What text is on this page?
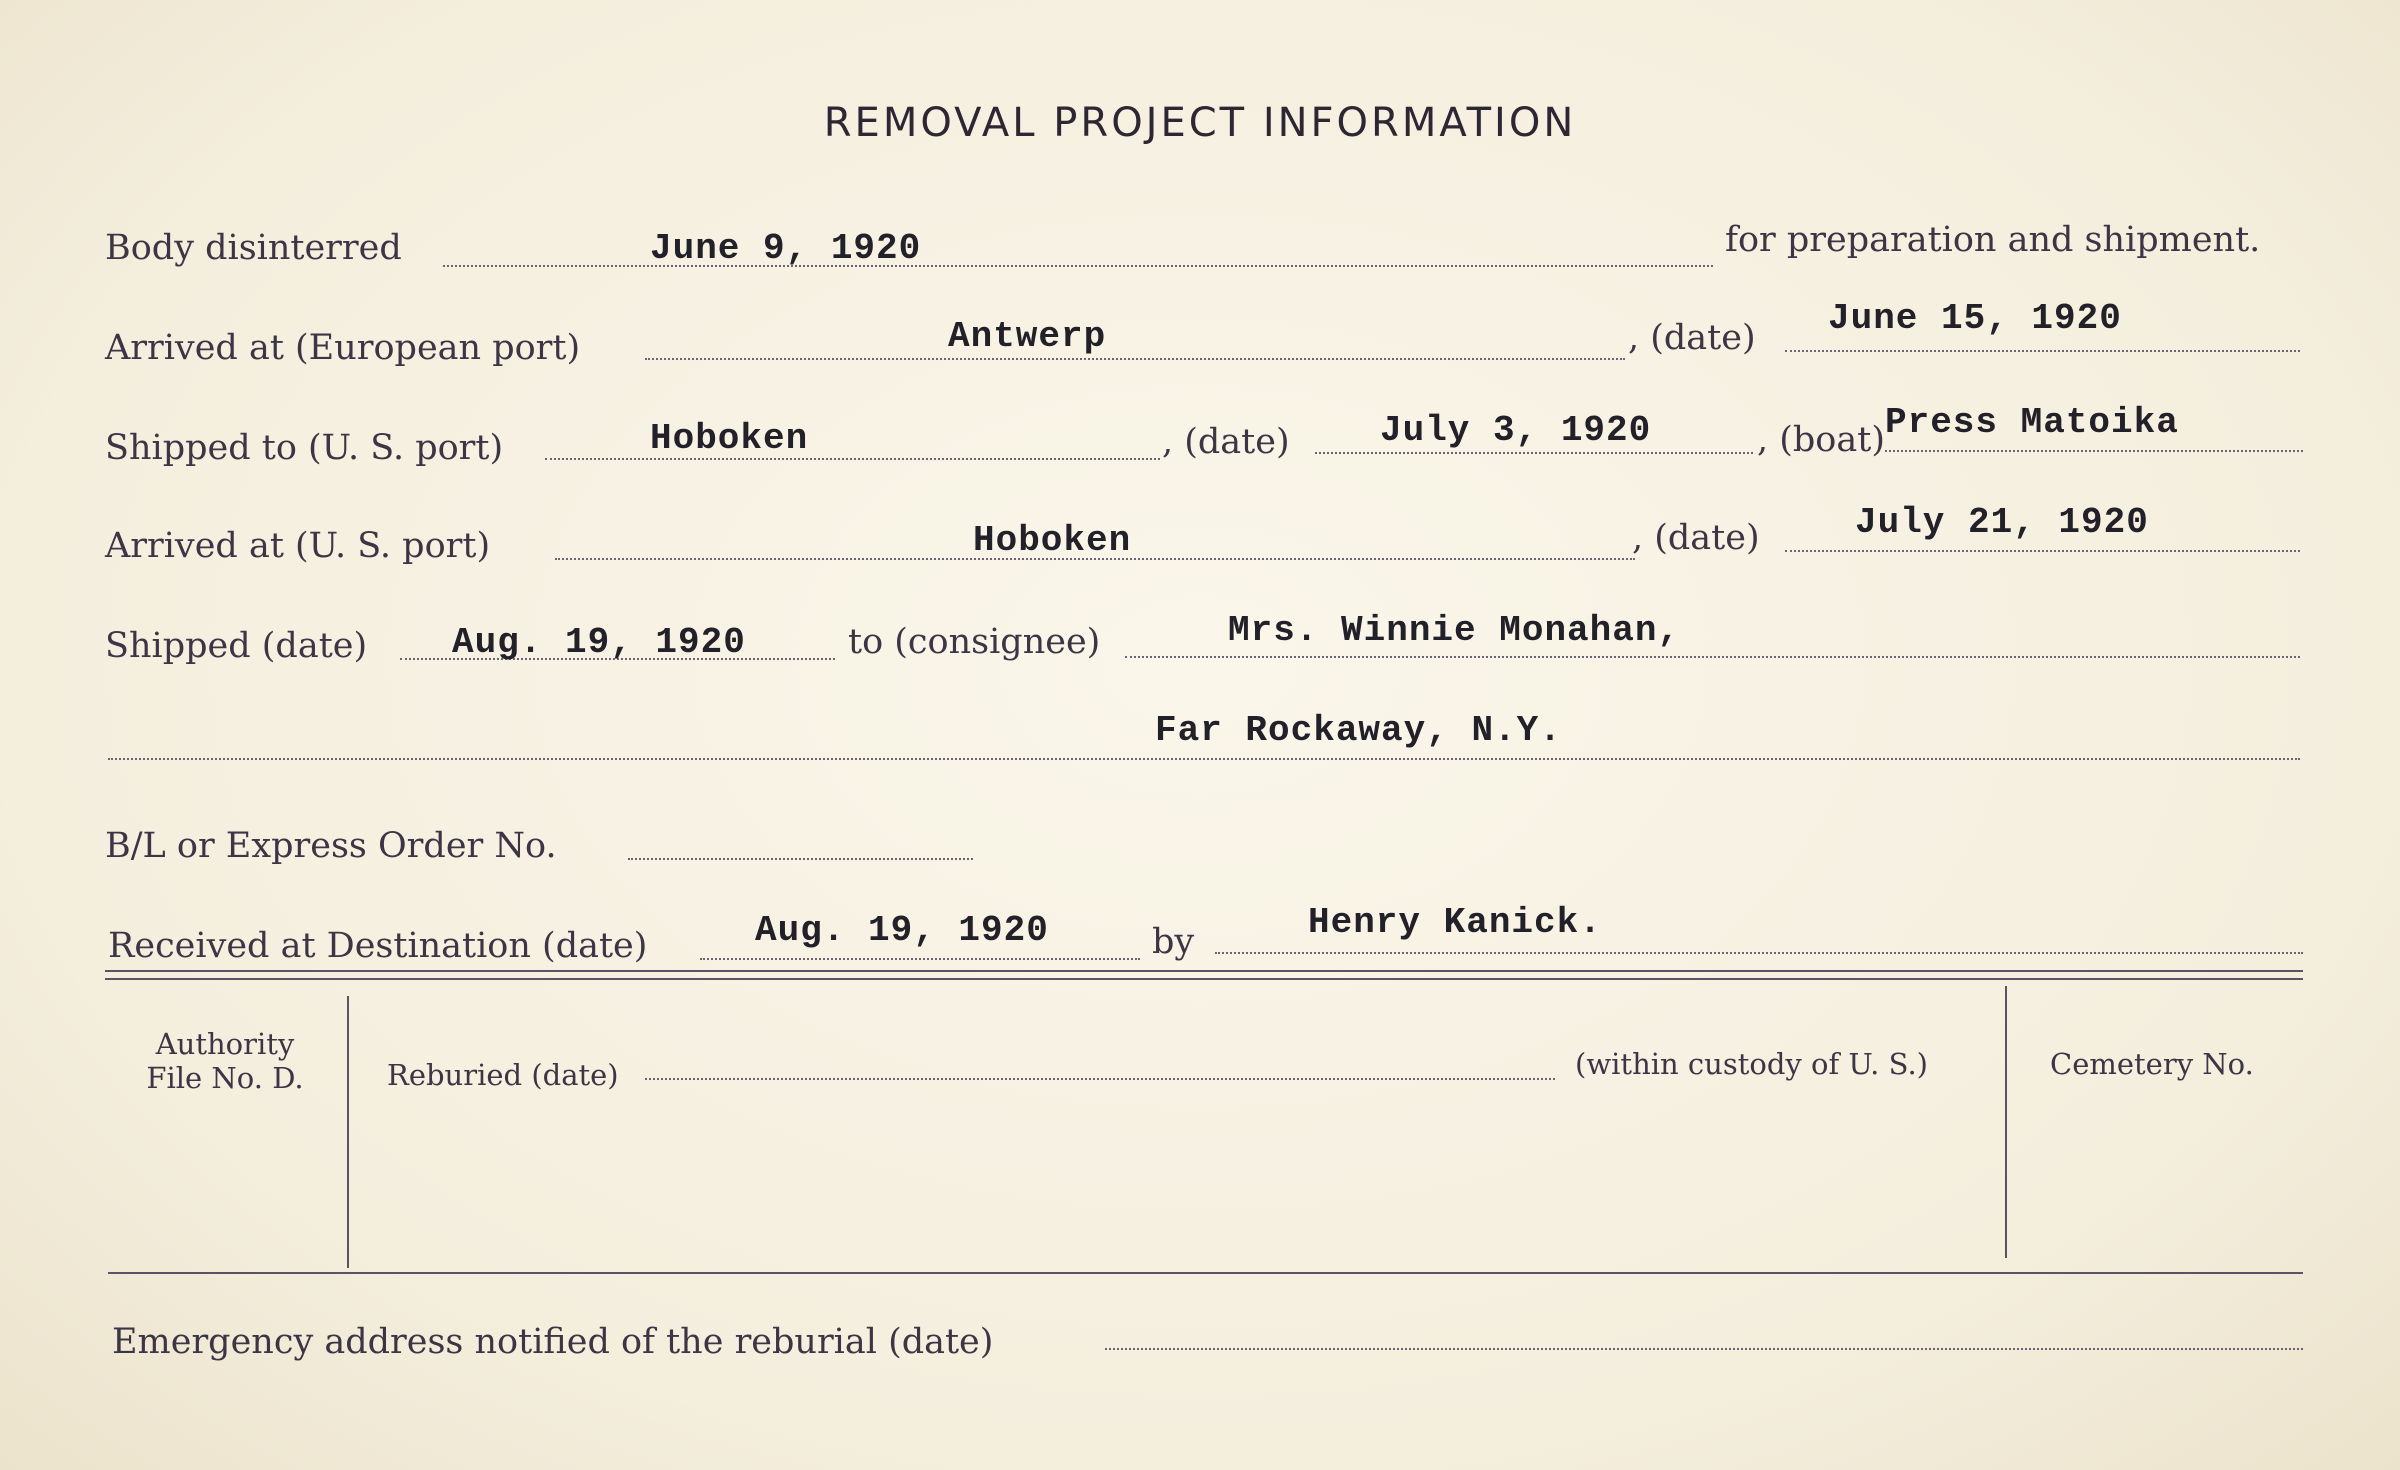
REMOVAL PROJECT INFORMATION
Body disinterred	June 9, 1920	for preparation and shipment.
Arrived at (European port)	Antwerp	, (date) June 15, 1920
Shipped to (U. S. port)	Hoboken	, (date)	July 3, 1920	, (boat) Press Matoika
Arrived at (U. S. port)	Hoboken	, (date)	July 21, 1920
Shipped (date) Aug. 19, 1920	to (consignee)	Mrs. Winnie Monahan,
Far Rockaway, N.Y.
B/L or Express Order No.
Received at Destination (date)	Aug. 19, 1920	by	Henry Kanick.
Authority
File No. D.	Reburied (date)	(within custody of U. S.)	Cemetery No.
Emergency address notified of the reburial (date)
